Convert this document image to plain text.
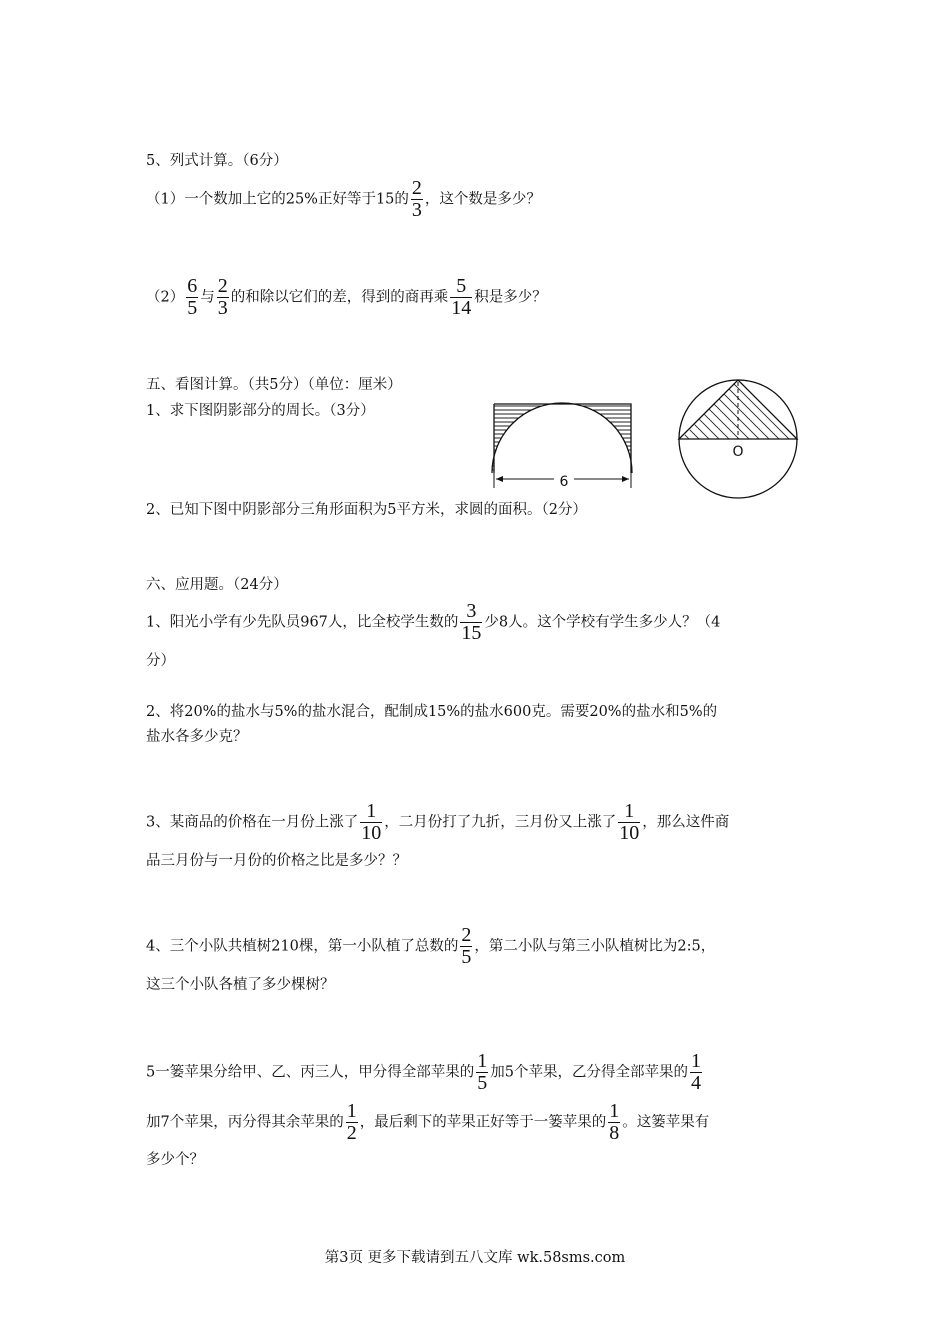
5、列式计算。（6分）
（1）一个数加上它的25%正好等于15的 $\frac{2}{3}$ ，这个数是多少？
$(2) \frac{6}{5}$ 与 $\frac{2}{3}$ 的和除以它们的差，得到的商再乘 $\frac{5}{14}$ 积是多少？
五、看图计算。（共5分）（单位：厘米）
1、求下图阴影部分的周长。（3分）
6
O
2、已知下图中阴影部分三角形面积为5平方米，求圆的面积。（2分）
六、应用题。（24分）
1、阳光小学有少先队员967人，比全校学生数的 $\frac{3}{15}$ 少8人。这个学校有学生多少人？（4
分）
2、将20%的盐水与5%的盐水混合，配制成15%的盐水600克。需要20%的盐水和5%的
盐水各多少克？
3、某商品的价格在一月份上涨了 $\frac{1}{10}$ ，二月份打了九折，三月份又上涨了 $\frac{1}{10}$ ，那么这件商
品三月份与一月份的价格之比是多少？？
4、三个小队共植树210棵，第一小队植了总数的 $\frac{2}{5}$ ，第二小队与第三小队植树比为2:5，
这三个小队各植了多少棵树？
5一篓苹果分给甲、乙、丙三人，甲分得全部苹果的 $\frac{1}{5}$ 加5个苹果，乙分得全部苹果的 $\frac{1}{4}$
加7个苹果，丙分得其余苹果的 $\frac{1}{2}$ ，最后剩下的苹果正好等于一篓苹果的 $\frac{1}{8}$ 。这篓苹果有
多少个？
第3页 更多下载请到五八文库 wk.58sms.com
